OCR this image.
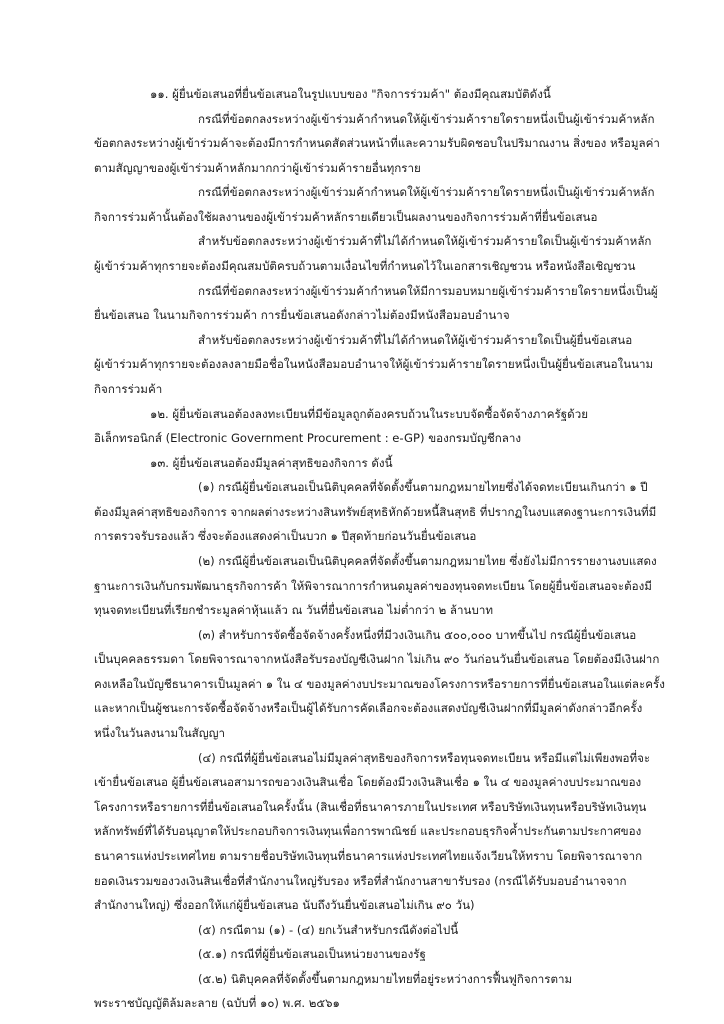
๑๑. ผู้ยื่นข้อเสนอที่ยื่นข้อเสนอในรูปแบบของ "กิจการร่วมค้า" ต้องมีคุณสมบัติดังนี้
กรณีที่ข้อตกลงระหว่างผู้เข้าร่วมค้ากำหนดให้ผู้เข้าร่วมค้ารายใดรายหนึ่งเป็นผู้เข้าร่วมค้าหลัก
ข้อตกลงระหว่างผู้เข้าร่วมค้าจะต้องมีการกำหนดสัดส่วนหน้าที่และความรับผิดชอบในปริมาณงาน สิ่งของ หรือมูลค่า
ตามสัญญาของผู้เข้าร่วมค้าหลักมากกว่าผู้เข้าร่วมค้ารายอื่นทุกราย
กรณีที่ข้อตกลงระหว่างผู้เข้าร่วมค้ากำหนดให้ผู้เข้าร่วมค้ารายใดรายหนึ่งเป็นผู้เข้าร่วมค้าหลัก
กิจการร่วมค้านั้นต้องใช้ผลงานของผู้เข้าร่วมค้าหลักรายเดียวเป็นผลงานของกิจการร่วมค้าที่ยื่นข้อเสนอ
สำหรับข้อตกลงระหว่างผู้เข้าร่วมค้าที่ไม่ได้กำหนดให้ผู้เข้าร่วมค้ารายใดเป็นผู้เข้าร่วมค้าหลัก
ผู้เข้าร่วมค้าทุกรายจะต้องมีคุณสมบัติครบถ้วนตามเงื่อนไขที่กำหนดไว้ในเอกสารเชิญชวน หรือหนังสือเชิญชวน
กรณีที่ข้อตกลงระหว่างผู้เข้าร่วมค้ากำหนดให้มีการมอบหมายผู้เข้าร่วมค้ารายใดรายหนึ่งเป็นผู้
ยื่นข้อเสนอ ในนามกิจการร่วมค้า การยื่นข้อเสนอดังกล่าวไม่ต้องมีหนังสือมอบอำนาจ
สำหรับข้อตกลงระหว่างผู้เข้าร่วมค้าที่ไม่ได้กำหนดให้ผู้เข้าร่วมค้ารายใดเป็นผู้ยื่นข้อเสนอ
ผู้เข้าร่วมค้าทุกรายจะต้องลงลายมือชื่อในหนังสือมอบอำนาจให้ผู้เข้าร่วมค้ารายใดรายหนึ่งเป็นผู้ยื่นข้อเสนอในนาม
กิจการร่วมค้า
๑๒. ผู้ยื่นข้อเสนอต้องลงทะเบียนที่มีข้อมูลถูกต้องครบถ้วนในระบบจัดซื้อจัดจ้างภาครัฐด้วย
อิเล็กทรอนิกส์ (Electronic Government Procurement : e-GP) ของกรมบัญชีกลาง
๑๓. ผู้ยื่นข้อเสนอต้องมีมูลค่าสุทธิของกิจการ ดังนี้
(๑) กรณีผู้ยื่นข้อเสนอเป็นนิติบุคคลที่จัดตั้งขึ้นตามกฎหมายไทยซึ่งได้จดทะเบียนเกินกว่า ๑ ปี
ต้องมีมูลค่าสุทธิของกิจการ จากผลต่างระหว่างสินทรัพย์สุทธิหักด้วยหนี้สินสุทธิ ที่ปรากฏในงบแสดงฐานะการเงินที่มี
การตรวจรับรองแล้ว ซึ่งจะต้องแสดงค่าเป็นบวก ๑ ปีสุดท้ายก่อนวันยื่นข้อเสนอ
(๒) กรณีผู้ยื่นข้อเสนอเป็นนิติบุคคลที่จัดตั้งขึ้นตามกฎหมายไทย ซึ่งยังไม่มีการรายงานงบแสดง
ฐานะการเงินกับกรมพัฒนาธุรกิจการค้า ให้พิจารณาการกำหนดมูลค่าของทุนจดทะเบียน โดยผู้ยื่นข้อเสนอจะต้องมี
ทุนจดทะเบียนที่เรียกชำระมูลค่าหุ้นแล้ว ณ วันที่ยื่นข้อเสนอ ไม่ต่ำกว่า ๒ ล้านบาท
(๓) สำหรับการจัดซื้อจัดจ้างครั้งหนึ่งที่มีวงเงินเกิน ๕๐๐,๐๐๐ บาทขึ้นไป กรณีผู้ยื่นข้อเสนอ
เป็นบุคคลธรรมดา โดยพิจารณาจากหนังสือรับรองบัญชีเงินฝาก ไม่เกิน ๙๐ วันก่อนวันยื่นข้อเสนอ โดยต้องมีเงินฝาก
คงเหลือในบัญชีธนาคารเป็นมูลค่า ๑ ใน ๔ ของมูลค่างบประมาณของโครงการหรือรายการที่ยื่นข้อเสนอในแต่ละครั้ง
และหากเป็นผู้ชนะการจัดซื้อจัดจ้างหรือเป็นผู้ได้รับการคัดเลือกจะต้องแสดงบัญชีเงินฝากที่มีมูลค่าดังกล่าวอีกครั้ง
หนึ่งในวันลงนามในสัญญา
(๔) กรณีที่ผู้ยื่นข้อเสนอไม่มีมูลค่าสุทธิของกิจการหรือทุนจดทะเบียน หรือมีแต่ไม่เพียงพอที่จะ
เข้ายื่นข้อเสนอ ผู้ยื่นข้อเสนอสามารถขอวงเงินสินเชื่อ โดยต้องมีวงเงินสินเชื่อ ๑ ใน ๔ ของมูลค่างบประมาณของ
โครงการหรือรายการที่ยื่นข้อเสนอในครั้งนั้น (สินเชื่อที่ธนาคารภายในประเทศ หรือบริษัทเงินทุนหรือบริษัทเงินทุน
หลักทรัพย์ที่ได้รับอนุญาตให้ประกอบกิจการเงินทุนเพื่อการพาณิชย์ และประกอบธุรกิจค้ำประกันตามประกาศของ
ธนาคารแห่งประเทศไทย ตามรายชื่อบริษัทเงินทุนที่ธนาคารแห่งประเทศไทยแจ้งเวียนให้ทราบ โดยพิจารณาจาก
ยอดเงินรวมของวงเงินสินเชื่อที่สำนักงานใหญ่รับรอง หรือที่สำนักงานสาขารับรอง (กรณีได้รับมอบอำนาจจาก
สำนักงานใหญ่) ซึ่งออกให้แก่ผู้ยื่นข้อเสนอ นับถึงวันยื่นข้อเสนอไม่เกิน ๙๐ วัน)
(๕) กรณีตาม (๑) - (๔) ยกเว้นสำหรับกรณีดังต่อไปนี้
(๕.๑) กรณีที่ผู้ยื่นข้อเสนอเป็นหน่วยงานของรัฐ
(๕.๒) นิติบุคคลที่จัดตั้งขึ้นตามกฎหมายไทยที่อยู่ระหว่างการฟื้นฟูกิจการตาม
พระราชบัญญัติล้มละลาย (ฉบับที่ ๑๐) พ.ศ. ๒๕๖๑
